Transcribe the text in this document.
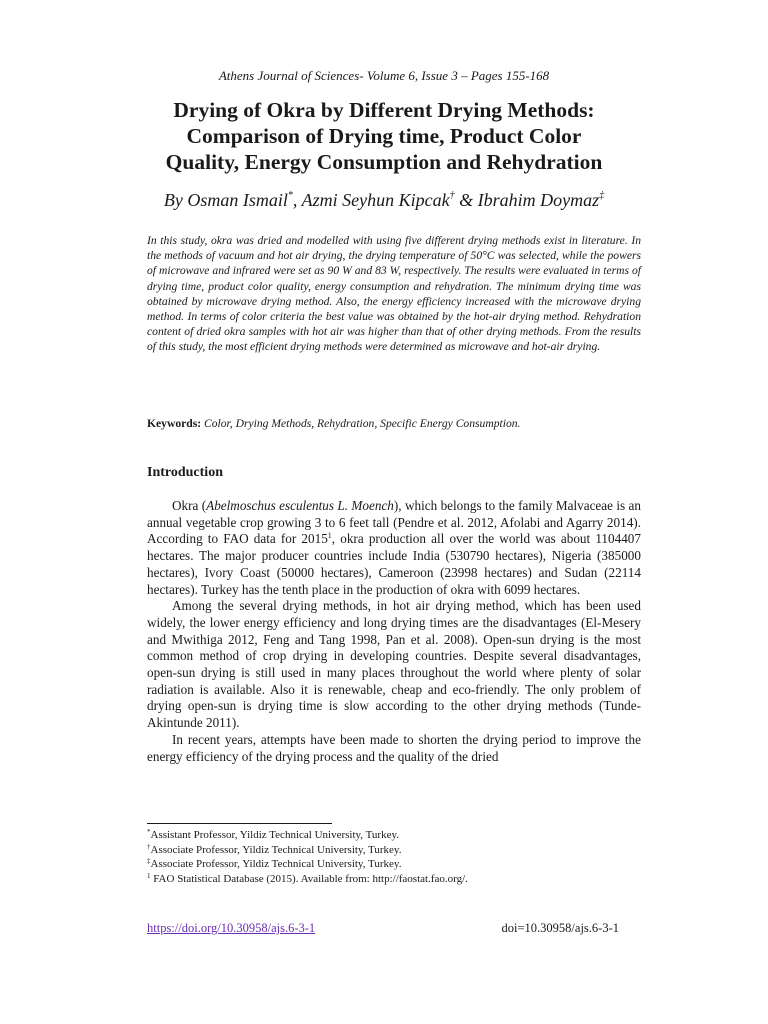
Athens Journal of Sciences- Volume 6, Issue 3 – Pages 155-168
Drying of Okra by Different Drying Methods:
Comparison of Drying time, Product Color
Quality, Energy Consumption and Rehydration
By Osman Ismail*, Azmi Seyhun Kipcak† & Ibrahim Doymaz‡

In this study, okra was dried and modelled with using five different drying methods exist in literature. In the methods of vacuum and hot air drying, the drying temperature of 50°C was selected, while the powers of microwave and infrared were set as 90 W and 83 W, respectively. The results were evaluated in terms of drying time, product color quality, energy consumption and rehydration. The minimum drying time was obtained by microwave drying method. Also, the energy efficiency increased with the microwave drying method. In terms of color criteria the best value was obtained by the hot-air drying method. Rehydration content of dried okra samples with hot air was higher than that of other drying methods. From the results of this study, the most efficient drying methods were determined as microwave and hot-air drying.

Keywords: Color, Drying Methods, Rehydration, Specific Energy Consumption.
Introduction

Okra (Abelmoschus esculentus L. Moench), which belongs to the family Malvaceae is an annual vegetable crop growing 3 to 6 feet tall (Pendre et al. 2012, Afolabi and Agarry 2014). According to FAO data for 2015$^1$, okra production all over the world was about 1104407 hectares. The major producer countries include India (530790 hectares), Nigeria (385000 hectares), Ivory Coast (50000 hectares), Cameroon (23998 hectares) and Sudan (22114 hectares). Turkey has the tenth place in the production of okra with 6099 hectares.

Among the several drying methods, in hot air drying method, which has been used widely, the lower energy efficiency and long drying times are the disadvantages (El-Mesery and Mwithiga 2012, Feng and Tang 1998, Pan et al. 2008). Open-sun drying is the most common method of crop drying in developing countries. Despite several disadvantages, open-sun drying is still used in many places throughout the world where plenty of solar radiation is available. Also it is renewable, cheap and eco-friendly. The only problem of drying open-sun is drying time is slow according to the other drying methods (Tunde-Akintunde 2011).

In recent years, attempts have been made to shorten the drying period to improve the energy efficiency of the drying process and the quality of the dried

*Assistant Professor, Yildiz Technical University, Turkey.
†Associate Professor, Yildiz Technical University, Turkey.
‡Associate Professor, Yildiz Technical University, Turkey.
$^1$ FAO Statistical Database (2015). Available from: http://faostat.fao.org/.
https://doi.org/10.30958/ajs.6-3-1	doi=10.30958/ajs.6-3-1
